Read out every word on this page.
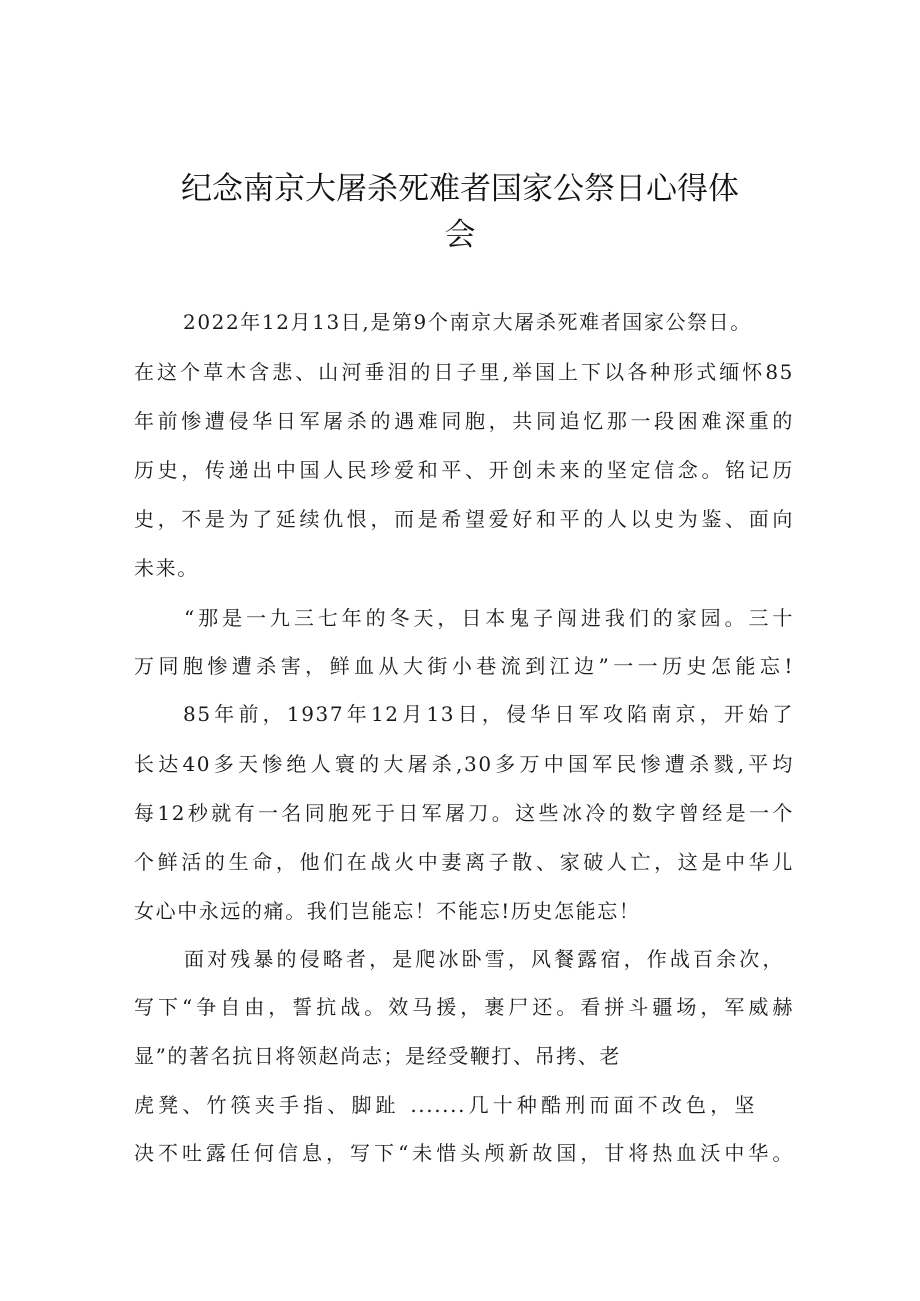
纪念南京大屠杀死难者国家公祭日心得体
会
2022年12月13日,是第9个南京大屠杀死难者国家公祭日。
在这个草木含悲、山河垂泪的日子里,举国上下以各种形式缅怀85
年前惨遭侵华日军屠杀的遇难同胞，共同追忆那一段困难深重的
历史，传递出中国人民珍爱和平、开创未来的坚定信念。铭记历
史，不是为了延续仇恨，而是希望爱好和平的人以史为鉴、面向
未来。
“那是一九三七年的冬天，日本鬼子闯进我们的家园。三十
万同胞惨遭杀害，鲜血从大街小巷流到江边”一一历史怎能忘!
85年前，1937年12月13日，侵华日军攻陷南京，开始了
长达40多天惨绝人寰的大屠杀,30多万中国军民惨遭杀戮,平均
每12秒就有一名同胞死于日军屠刀。这些冰冷的数字曾经是一个
个鲜活的生命，他们在战火中妻离子散、家破人亡，这是中华儿
女心中永远的痛。我们岂能忘！不能忘!历史怎能忘！
面对残暴的侵略者，是爬冰卧雪，风餐露宿，作战百余次，
写下“争自由，誓抗战。效马援，裹尸还。看拼斗疆场，军威赫
显”的著名抗日将领赵尚志；是经受鞭打、吊拷、老
虎凳、竹筷夹手指、脚趾 .......几十种酷刑而面不改色，坚
决不吐露任何信息，写下“未惜头颅新故国，甘将热血沃中华。
